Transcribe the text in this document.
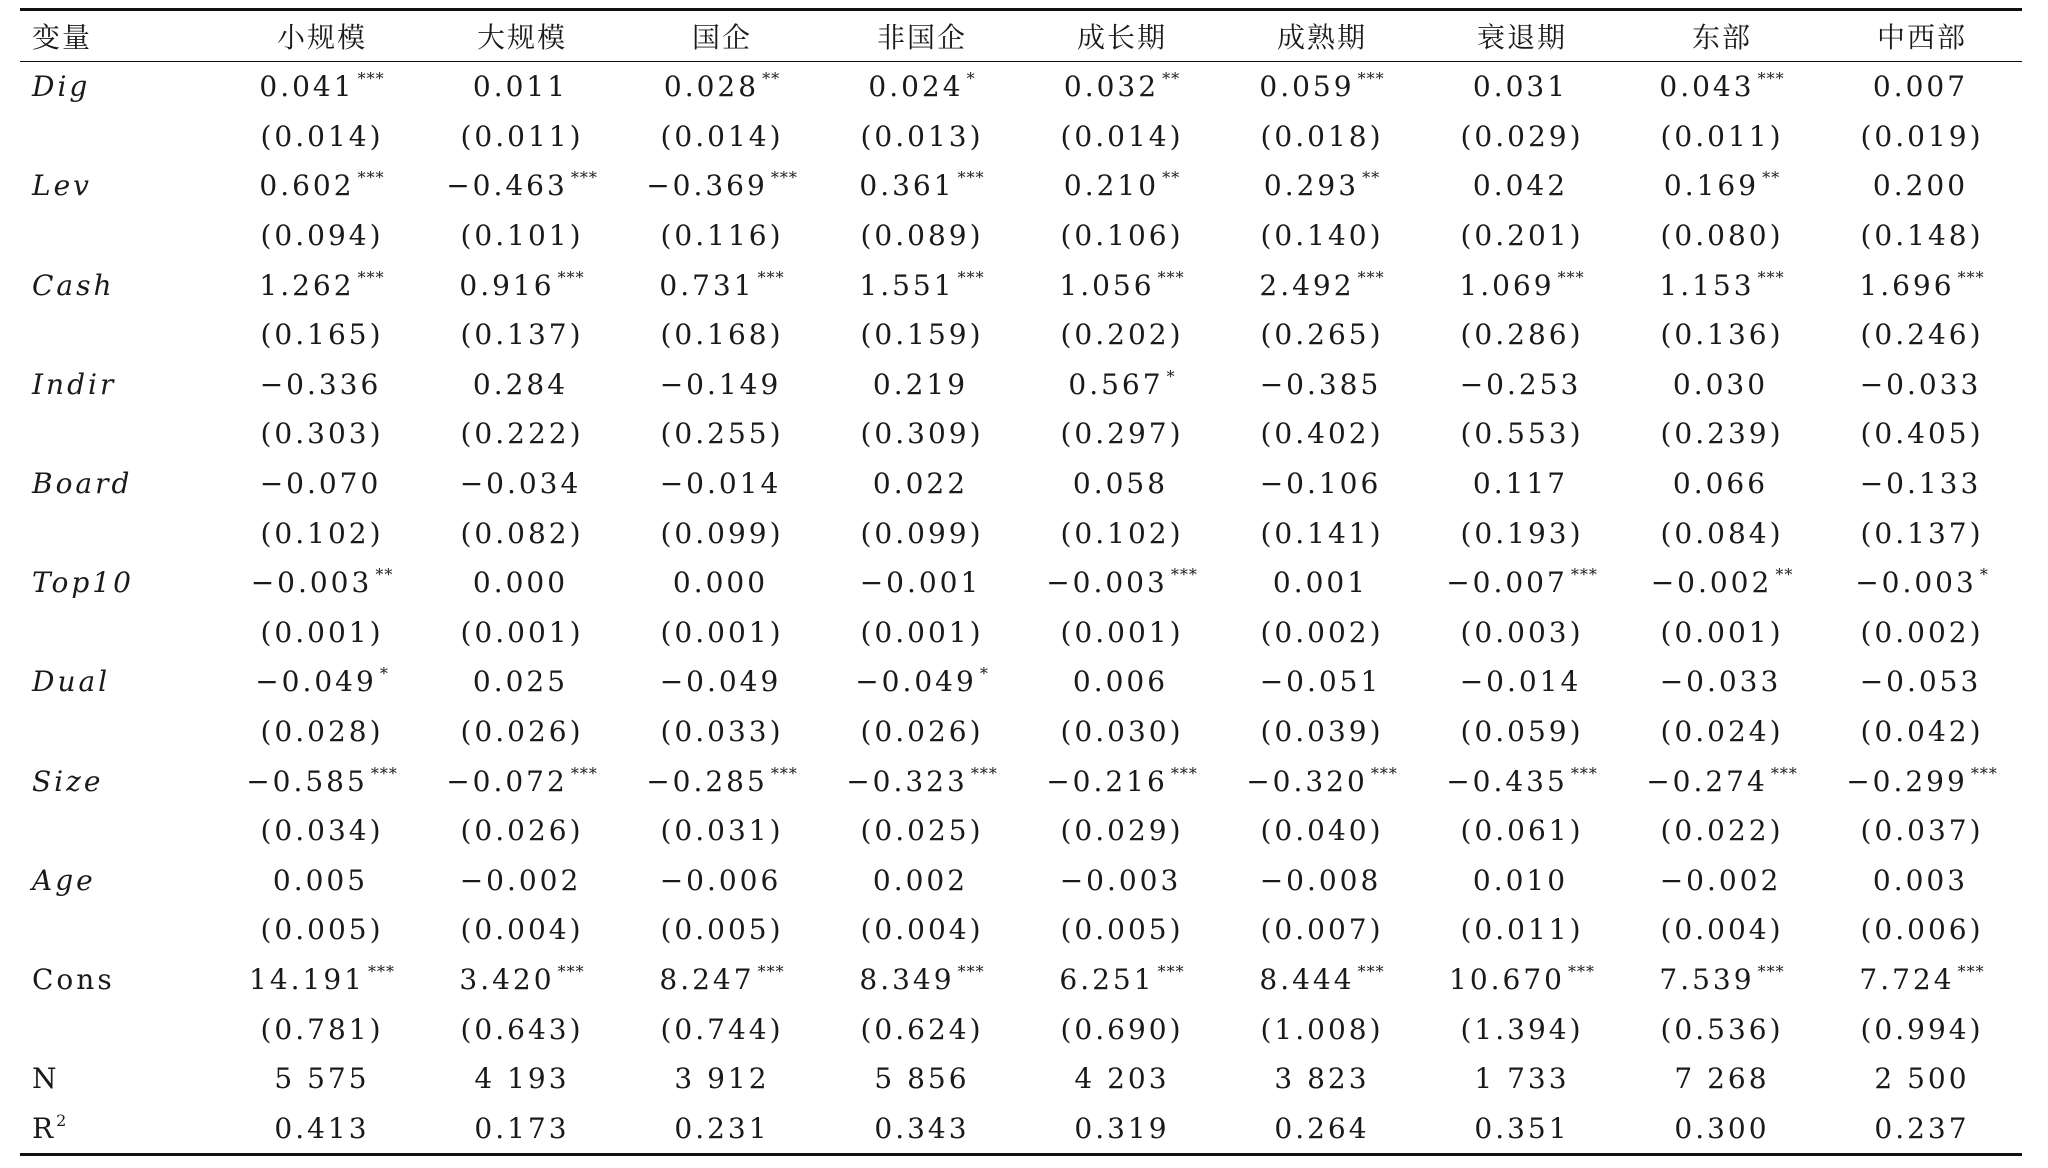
变量	小规模	大规模	国企	非国企	成长期	成熟期	衰退期	东部	中西部
Dig	0.041 ***	0.011	0.028 **	0.024 *	0.032 **	0.059 ***	0.031	0.043 ***	0.007
	(0.014)	(0.011)	(0.014)	(0.013)	(0.014)	(0.018)	(0.029)	(0.011)	(0.019)
Lev	0.602 ***	−0.463 ***	−0.369 ***	0.361 ***	0.210 **	0.293 **	0.042	0.169 **	0.200
	(0.094)	(0.101)	(0.116)	(0.089)	(0.106)	(0.140)	(0.201)	(0.080)	(0.148)
Cash	1.262 ***	0.916 ***	0.731 ***	1.551 ***	1.056 ***	2.492 ***	1.069 ***	1.153 ***	1.696 ***
	(0.165)	(0.137)	(0.168)	(0.159)	(0.202)	(0.265)	(0.286)	(0.136)	(0.246)
Indir	−0.336	0.284	−0.149	0.219	0.567 *	−0.385	−0.253	0.030	−0.033
	(0.303)	(0.222)	(0.255)	(0.309)	(0.297)	(0.402)	(0.553)	(0.239)	(0.405)
Board	−0.070	−0.034	−0.014	0.022	0.058	−0.106	0.117	0.066	−0.133
	(0.102)	(0.082)	(0.099)	(0.099)	(0.102)	(0.141)	(0.193)	(0.084)	(0.137)
Top10	−0.003 **	0.000	0.000	−0.001	−0.003 ***	0.001	−0.007 ***	−0.002 **	−0.003 *
	(0.001)	(0.001)	(0.001)	(0.001)	(0.001)	(0.002)	(0.003)	(0.001)	(0.002)
Dual	−0.049 *	0.025	−0.049	−0.049 *	0.006	−0.051	−0.014	−0.033	−0.053
	(0.028)	(0.026)	(0.033)	(0.026)	(0.030)	(0.039)	(0.059)	(0.024)	(0.042)
Size	−0.585 ***	−0.072 ***	−0.285 ***	−0.323 ***	−0.216 ***	−0.320 ***	−0.435 ***	−0.274 ***	−0.299 ***
	(0.034)	(0.026)	(0.031)	(0.025)	(0.029)	(0.040)	(0.061)	(0.022)	(0.037)
Age	0.005	−0.002	−0.006	0.002	−0.003	−0.008	0.010	−0.002	0.003
	(0.005)	(0.004)	(0.005)	(0.004)	(0.005)	(0.007)	(0.011)	(0.004)	(0.006)
Cons	14.191 ***	3.420 ***	8.247 ***	8.349 ***	6.251 ***	8.444 ***	10.670 ***	7.539 ***	7.724 ***
	(0.781)	(0.643)	(0.744)	(0.624)	(0.690)	(1.008)	(1.394)	(0.536)	(0.994)
N	5 575	4 193	3 912	5 856	4 203	3 823	1 733	7 268	2 500
$R^2$	0.413	0.173	0.231	0.343	0.319	0.264	0.351	0.300	0.237
